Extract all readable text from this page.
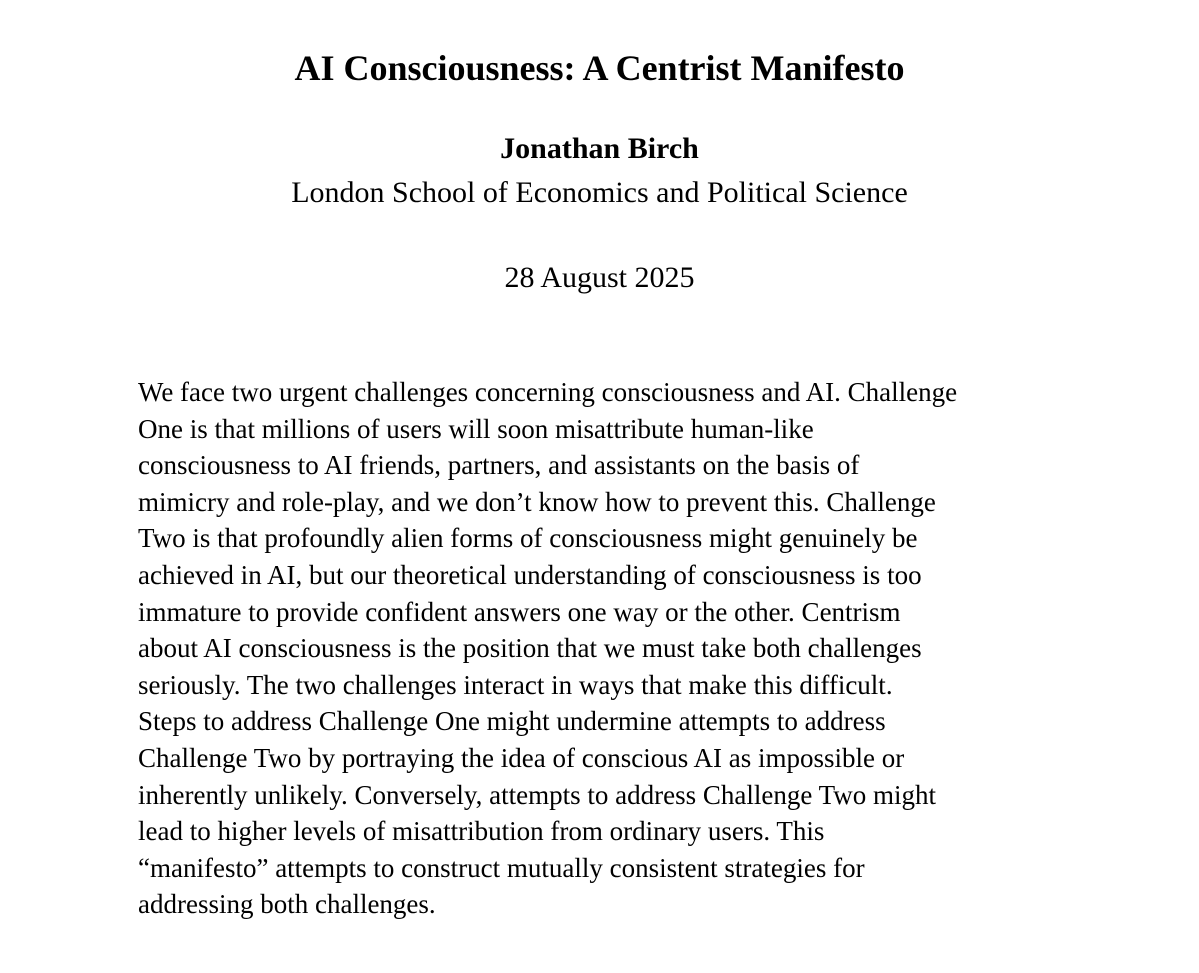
AI Consciousness: A Centrist Manifesto
Jonathan Birch
London School of Economics and Political Science
28 August 2025
We face two urgent challenges concerning consciousness and AI. Challenge
One is that millions of users will soon misattribute human-like
consciousness to AI friends, partners, and assistants on the basis of
mimicry and role-play, and we don’t know how to prevent this. Challenge
Two is that profoundly alien forms of consciousness might genuinely be
achieved in AI, but our theoretical understanding of consciousness is too
immature to provide confident answers one way or the other. Centrism
about AI consciousness is the position that we must take both challenges
seriously. The two challenges interact in ways that make this difficult.
Steps to address Challenge One might undermine attempts to address
Challenge Two by portraying the idea of conscious AI as impossible or
inherently unlikely. Conversely, attempts to address Challenge Two might
lead to higher levels of misattribution from ordinary users. This
“manifesto” attempts to construct mutually consistent strategies for
addressing both challenges.
